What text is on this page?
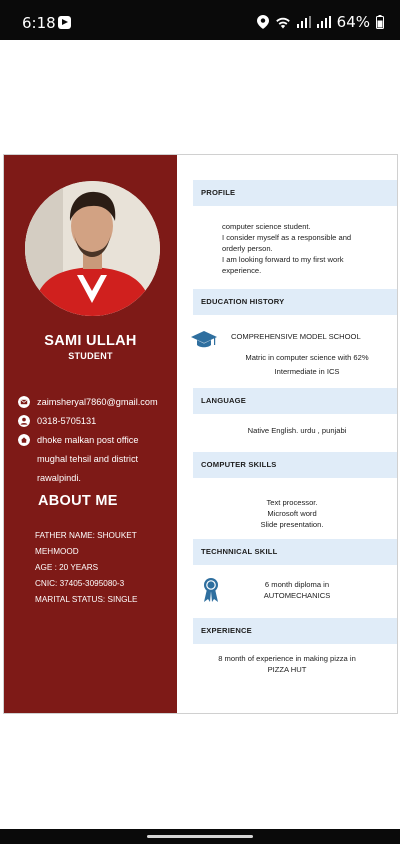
6:18	64%
SAMI ULLAH
STUDENT
zaimsheryal7860@gmail.com
0318-5705131
dhoke malkan post office
mughal tehsil and district
rawalpindi.
ABOUT ME
FATHER NAME: SHOUKET
MEHMOOD
AGE : 20 YEARS
CNIC: 37405-3095080-3
MARITAL STATUS: SINGLE
PROFILE
computer science student.
I consider myself as a responsible and
orderly person.
I am looking forward to my first work
experience.
EDUCATION HISTORY
COMPREHENSIVE MODEL SCHOOL
Matric in computer science with 62%
Intermediate in ICS
LANGUAGE
Native English. urdu , punjabi
COMPUTER SKILLS
Text processor.
Microsoft word
Slide presentation.
TECHNNICAL SKILL
6 month diploma in
AUTOMECHANICS
EXPERIENCE
8 month of experience in making pizza in
PIZZA HUT
